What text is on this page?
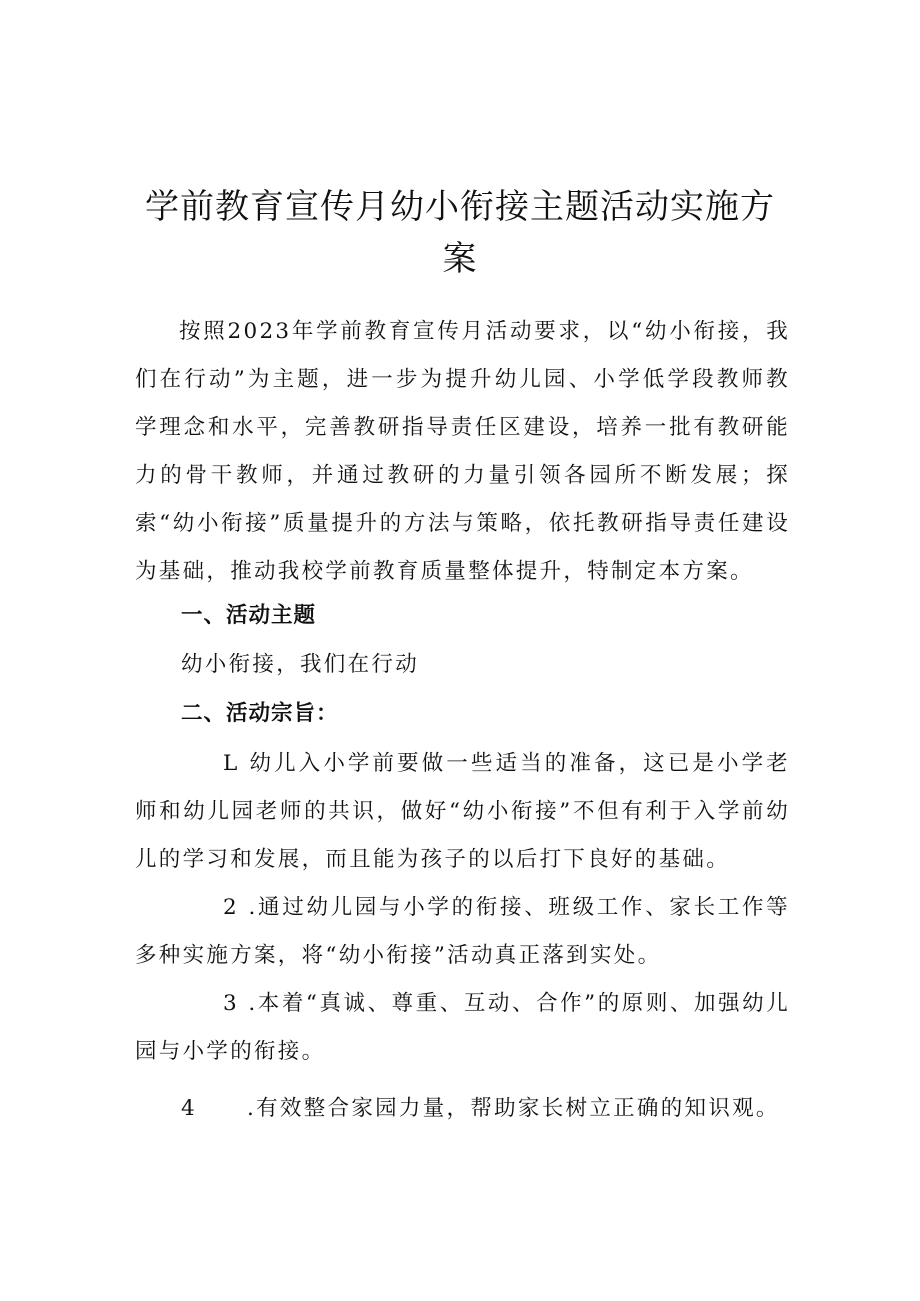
学前教育宣传月幼小衔接主题活动实施方案

按照2023年学前教育宣传月活动要求，以“幼小衔接，我们在行动”为主题，进一步为提升幼儿园、小学低学段教师教学理念和水平，完善教研指导责任区建设，培养一批有教研能力的骨干教师，并通过教研的力量引领各园所不断发展；探索“幼小衔接”质量提升的方法与策略，依托教研指导责任建设为基础，推动我校学前教育质量整体提升，特制定本方案。

一、活动主题

幼小衔接，我们在行动

二、活动宗旨：

L 幼儿入小学前要做一些适当的准备，这已是小学老师和幼儿园老师的共识，做好“幼小衔接”不但有利于入学前幼儿的学习和发展，而且能为孩子的以后打下良好的基础。

2 .通过幼儿园与小学的衔接、班级工作、家长工作等多种实施方案，将“幼小衔接”活动真正落到实处。

3 .本着“真诚、尊重、互动、合作”的原则、加强幼儿园与小学的衔接。

4 .有效整合家园力量，帮助家长树立正确的知识观。
